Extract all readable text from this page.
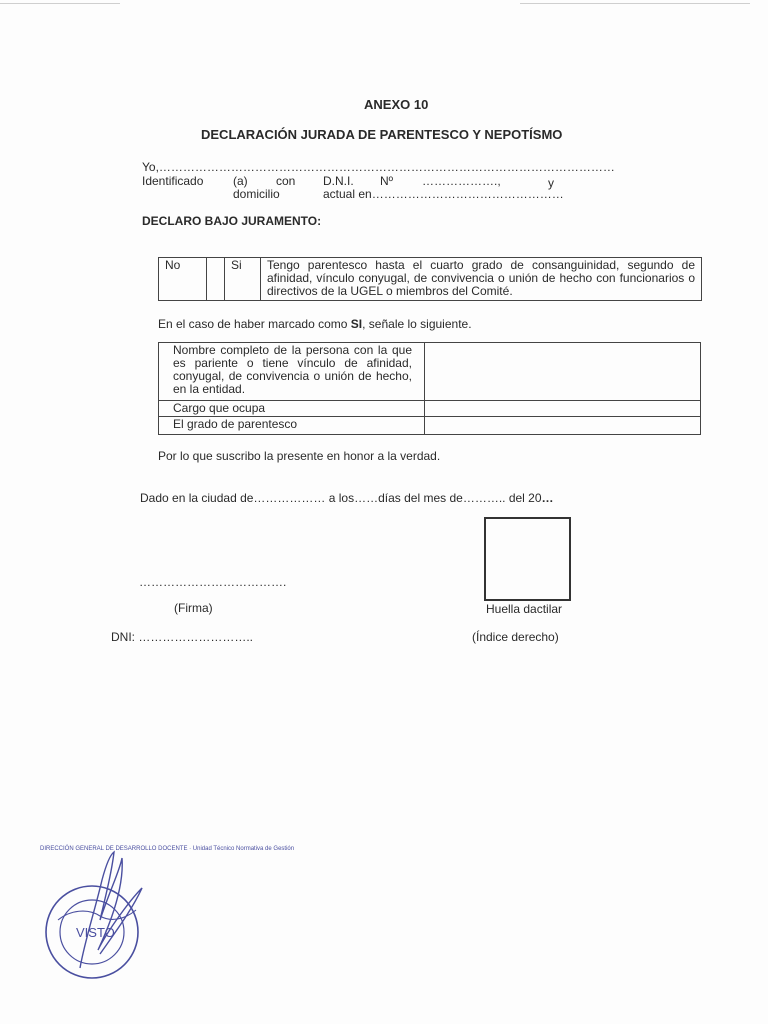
ANEXO 10
DECLARACIÓN JURADA DE PARENTESCO Y NEPOTÍSMO
Yo,……………………………………………………………………………………………………
Identificado (a) con D.N.I. Nº ……………….,	y
domicilio	actual en…………………………………………
DECLARO BAJO JURAMENTO:
No		Si	Tengo parentesco hasta el cuarto grado de consanguinidad, segundo de afinidad, vínculo conyugal, de convivencia o unión de hecho con funcionarios o directivos de la UGEL o miembros del Comité.
En el caso de haber marcado como SI, señale lo siguiente.
Nombre completo de la persona con la que es pariente o tiene vínculo de afinidad, conyugal, de convivencia o unión de hecho, en la entidad.	
Cargo que ocupa	
El grado de parentesco	
Por lo que suscribo la presente en honor a la verdad.
Dado en la ciudad de……………… a los……días del mes de……….. del 20…
……………………………….
(Firma)	Huella dactilar
DNI: ………………………..	(Índice derecho)
DIRECCIÓN GENERAL DE DESARROLLO DOCENTE · Unidad Técnico Normativa de Gestión
VISTO
